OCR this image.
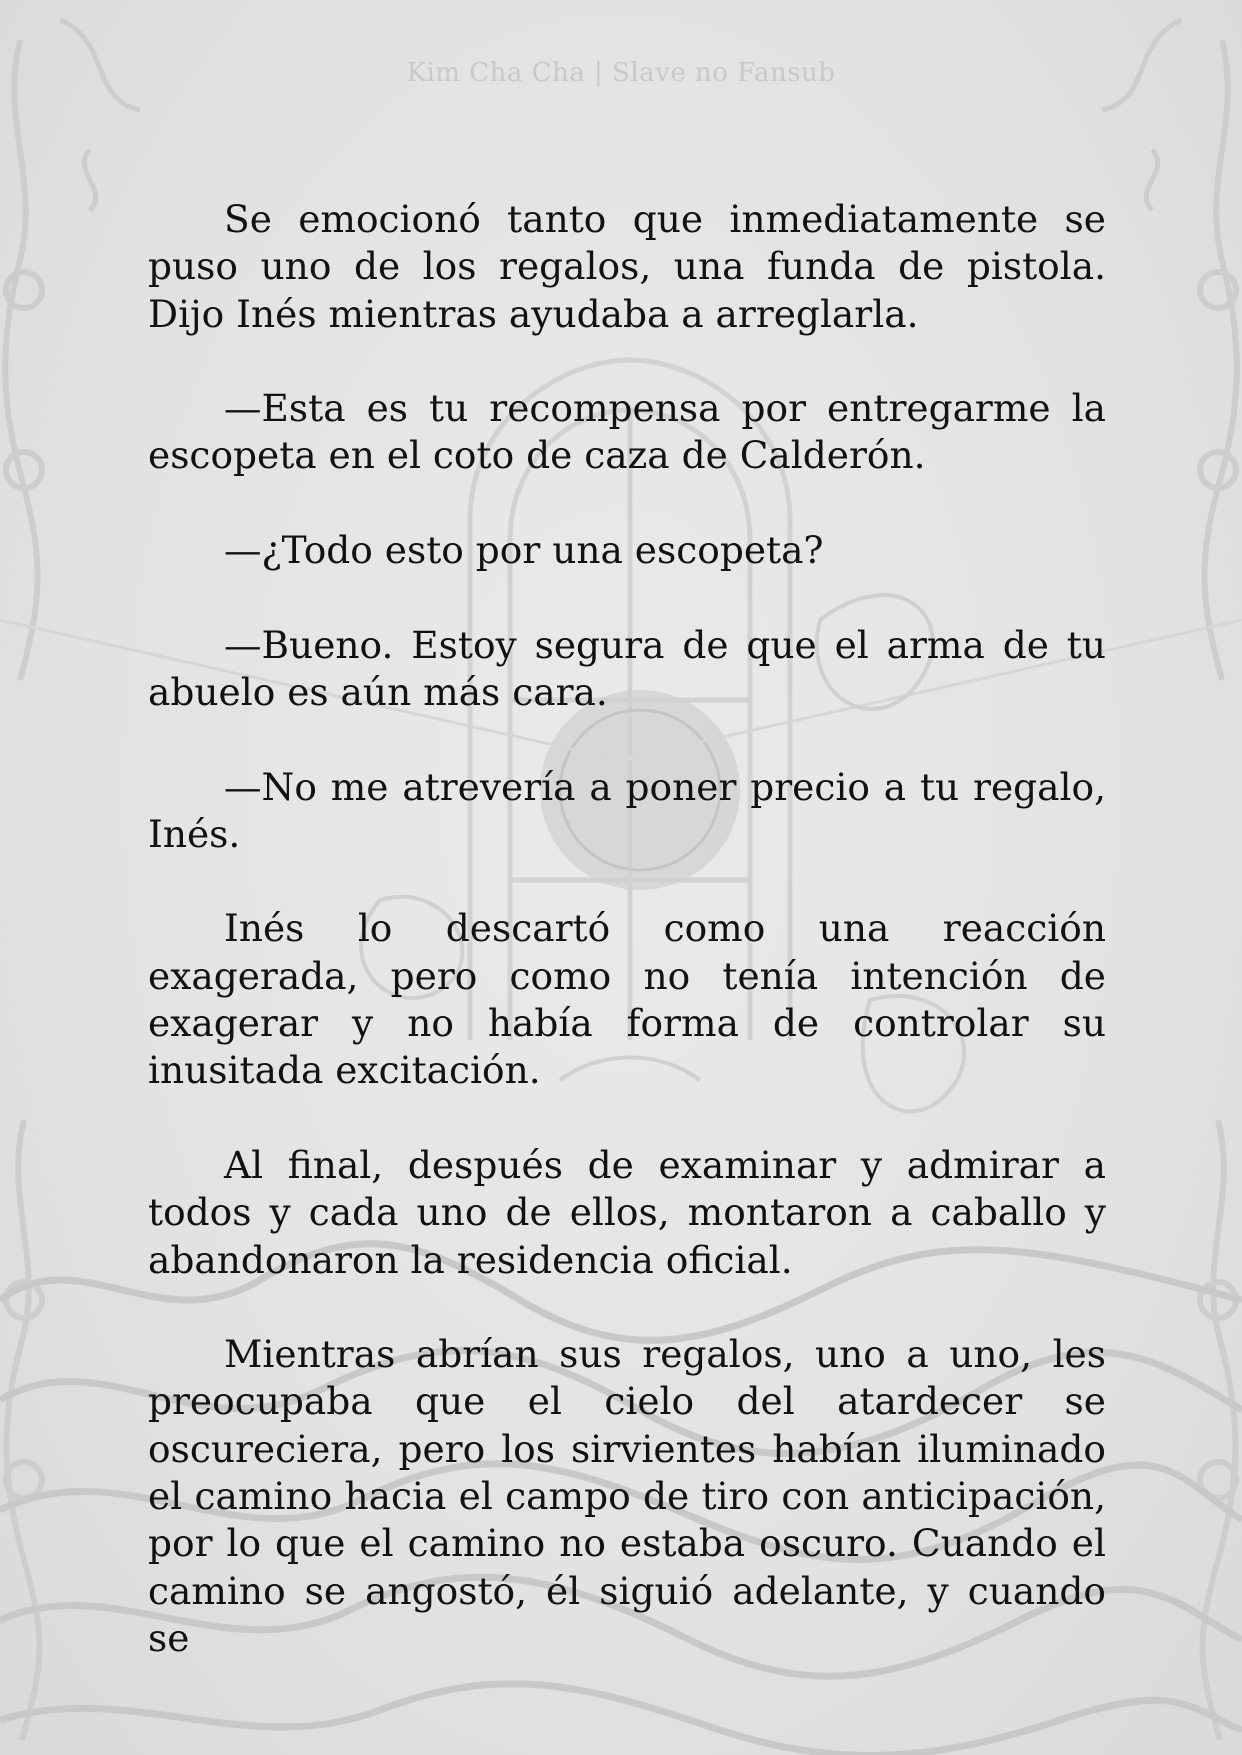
Kim Cha Cha | Slave no Fansub

Se emocionó tanto que inmediatamente se puso uno de los regalos, una funda de pistola. Dijo Inés mientras ayudaba a arreglarla.

—Esta es tu recompensa por entregarme la escopeta en el coto de caza de Calderón.

—¿Todo esto por una escopeta?

—Bueno. Estoy segura de que el arma de tu abuelo es aún más cara.

—No me atrevería a poner precio a tu regalo, Inés.

Inés lo descartó como una reacción exagerada, pero como no tenía intención de exagerar y no había forma de controlar su inusitada excitación.

Al final, después de examinar y admirar a todos y cada uno de ellos, montaron a caballo y abandonaron la residencia oficial.

Mientras abrían sus regalos, uno a uno, les preocupaba que el cielo del atardecer se oscureciera, pero los sirvientes habían iluminado el camino hacia el campo de tiro con anticipación, por lo que el camino no estaba oscuro. Cuando el camino se angostó, él siguió adelante, y cuando se
